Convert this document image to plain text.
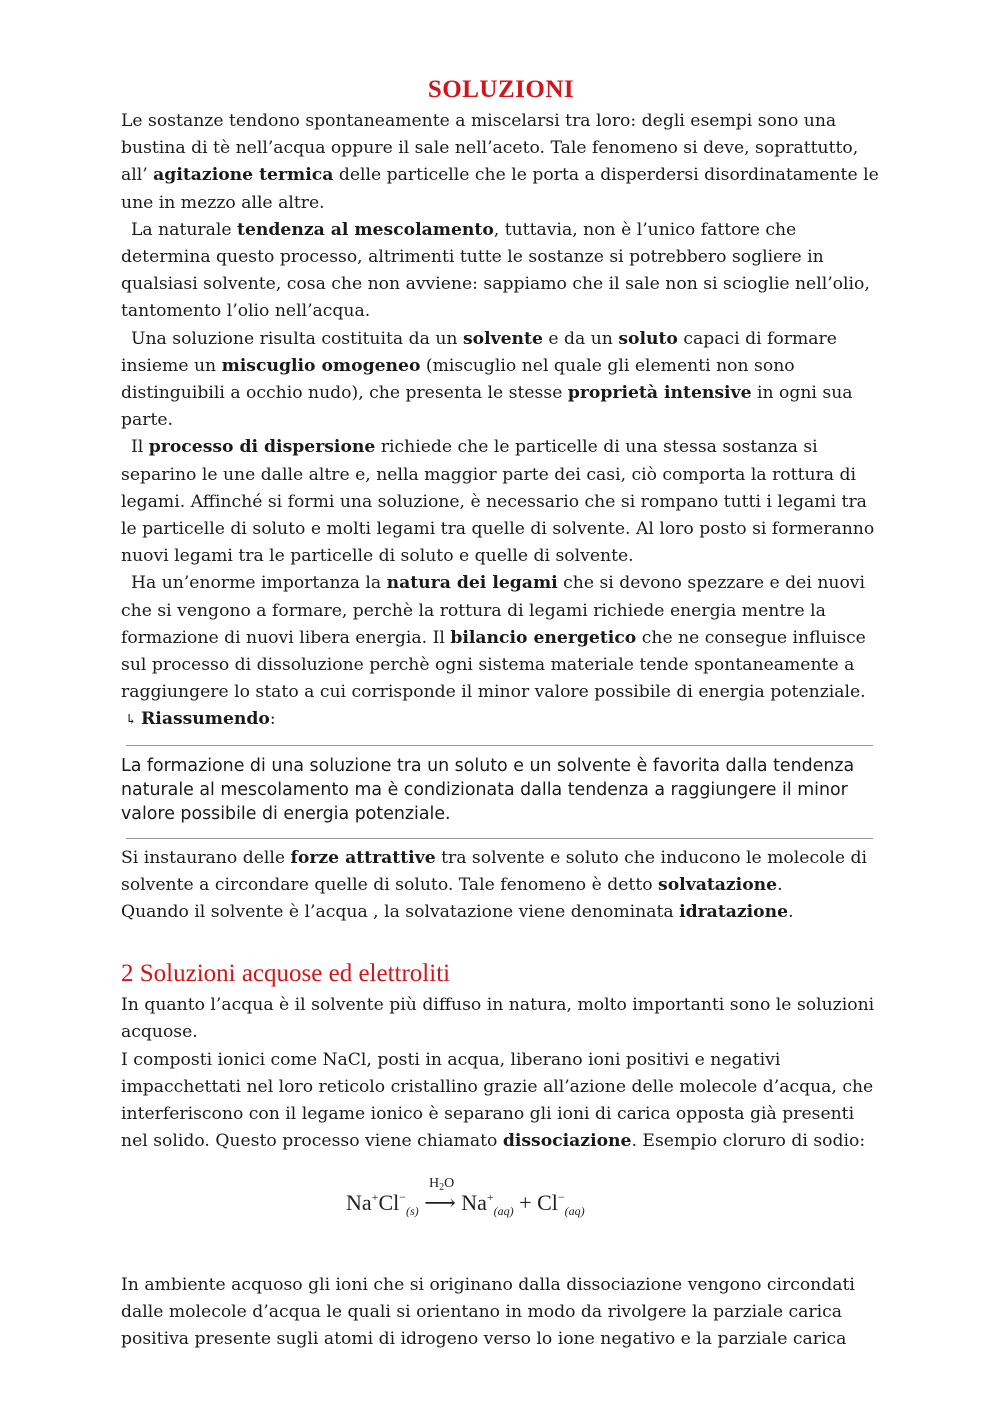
SOLUZIONI

Le sostanze tendono spontaneamente a miscelarsi tra loro: degli esempi sono una bustina di tè nell’acqua oppure il sale nell’aceto. Tale fenomeno si deve, soprattutto, all’ agitazione termica delle particelle che le porta a disperdersi disordinatamente le une in mezzo alle altre.

La naturale tendenza al mescolamento, tuttavia, non è l’unico fattore che determina questo processo, altrimenti tutte le sostanze si potrebbero sogliere in qualsiasi solvente, cosa che non avviene: sappiamo che il sale non si scioglie nell’olio, tantomento l’olio nell’acqua.

Una soluzione risulta costituita da un solvente e da un soluto capaci di formare insieme un miscuglio omogeneo (miscuglio nel quale gli elementi non sono distinguibili a occhio nudo), che presenta le stesse proprietà intensive in ogni sua parte.

Il processo di dispersione richiede che le particelle di una stessa sostanza si separino le une dalle altre e, nella maggior parte dei casi, ciò comporta la rottura di legami. Affinché si formi una soluzione, è necessario che si rompano tutti i legami tra le particelle di soluto e molti legami tra quelle di solvente. Al loro posto si formeranno nuovi legami tra le particelle di soluto e quelle di solvente.

Ha un’enorme importanza la natura dei legami che si devono spezzare e dei nuovi che si vengono a formare, perchè la rottura di legami richiede energia mentre la formazione di nuovi libera energia. Il bilancio energetico che ne consegue influisce sul processo di dissoluzione perchè ogni sistema materiale tende spontaneamente a raggiungere lo stato a cui corrisponde il minor valore possibile di energia potenziale.

↳ Riassumendo:

La formazione di una soluzione tra un soluto e un solvente è favorita dalla tendenza naturale al mescolamento ma è condizionata dalla tendenza a raggiungere il minor valore possibile di energia potenziale.

Si instaurano delle forze attrattive tra solvente e soluto che inducono le molecole di solvente a circondare quelle di soluto. Tale fenomeno è detto solvatazione.

Quando il solvente è l’acqua , la solvatazione viene denominata idratazione.

2 Soluzioni acquose ed elettroliti

In quanto l’acqua è il solvente più diffuso in natura, molto importanti sono le soluzioni acquose.

I composti ionici come NaCl, posti in acqua, liberano ioni positivi e negativi impacchettati nel loro reticolo cristallino grazie all’azione delle molecole d’acqua, che interferiscono con il legame ionico è separano gli ioni di carica opposta già presenti nel solido. Questo processo viene chiamato dissociazione. Esempio cloruro di sodio:

$H_2O$
$Na^+Cl^-_{(s)}$ ⟶ $Na^+_{(aq)} + Cl^-_{(aq)}$

In ambiente acquoso gli ioni che si originano dalla dissociazione vengono circondati dalle molecole d’acqua le quali si orientano in modo da rivolgere la parziale carica positiva presente sugli atomi di idrogeno verso lo ione negativo e la parziale carica
